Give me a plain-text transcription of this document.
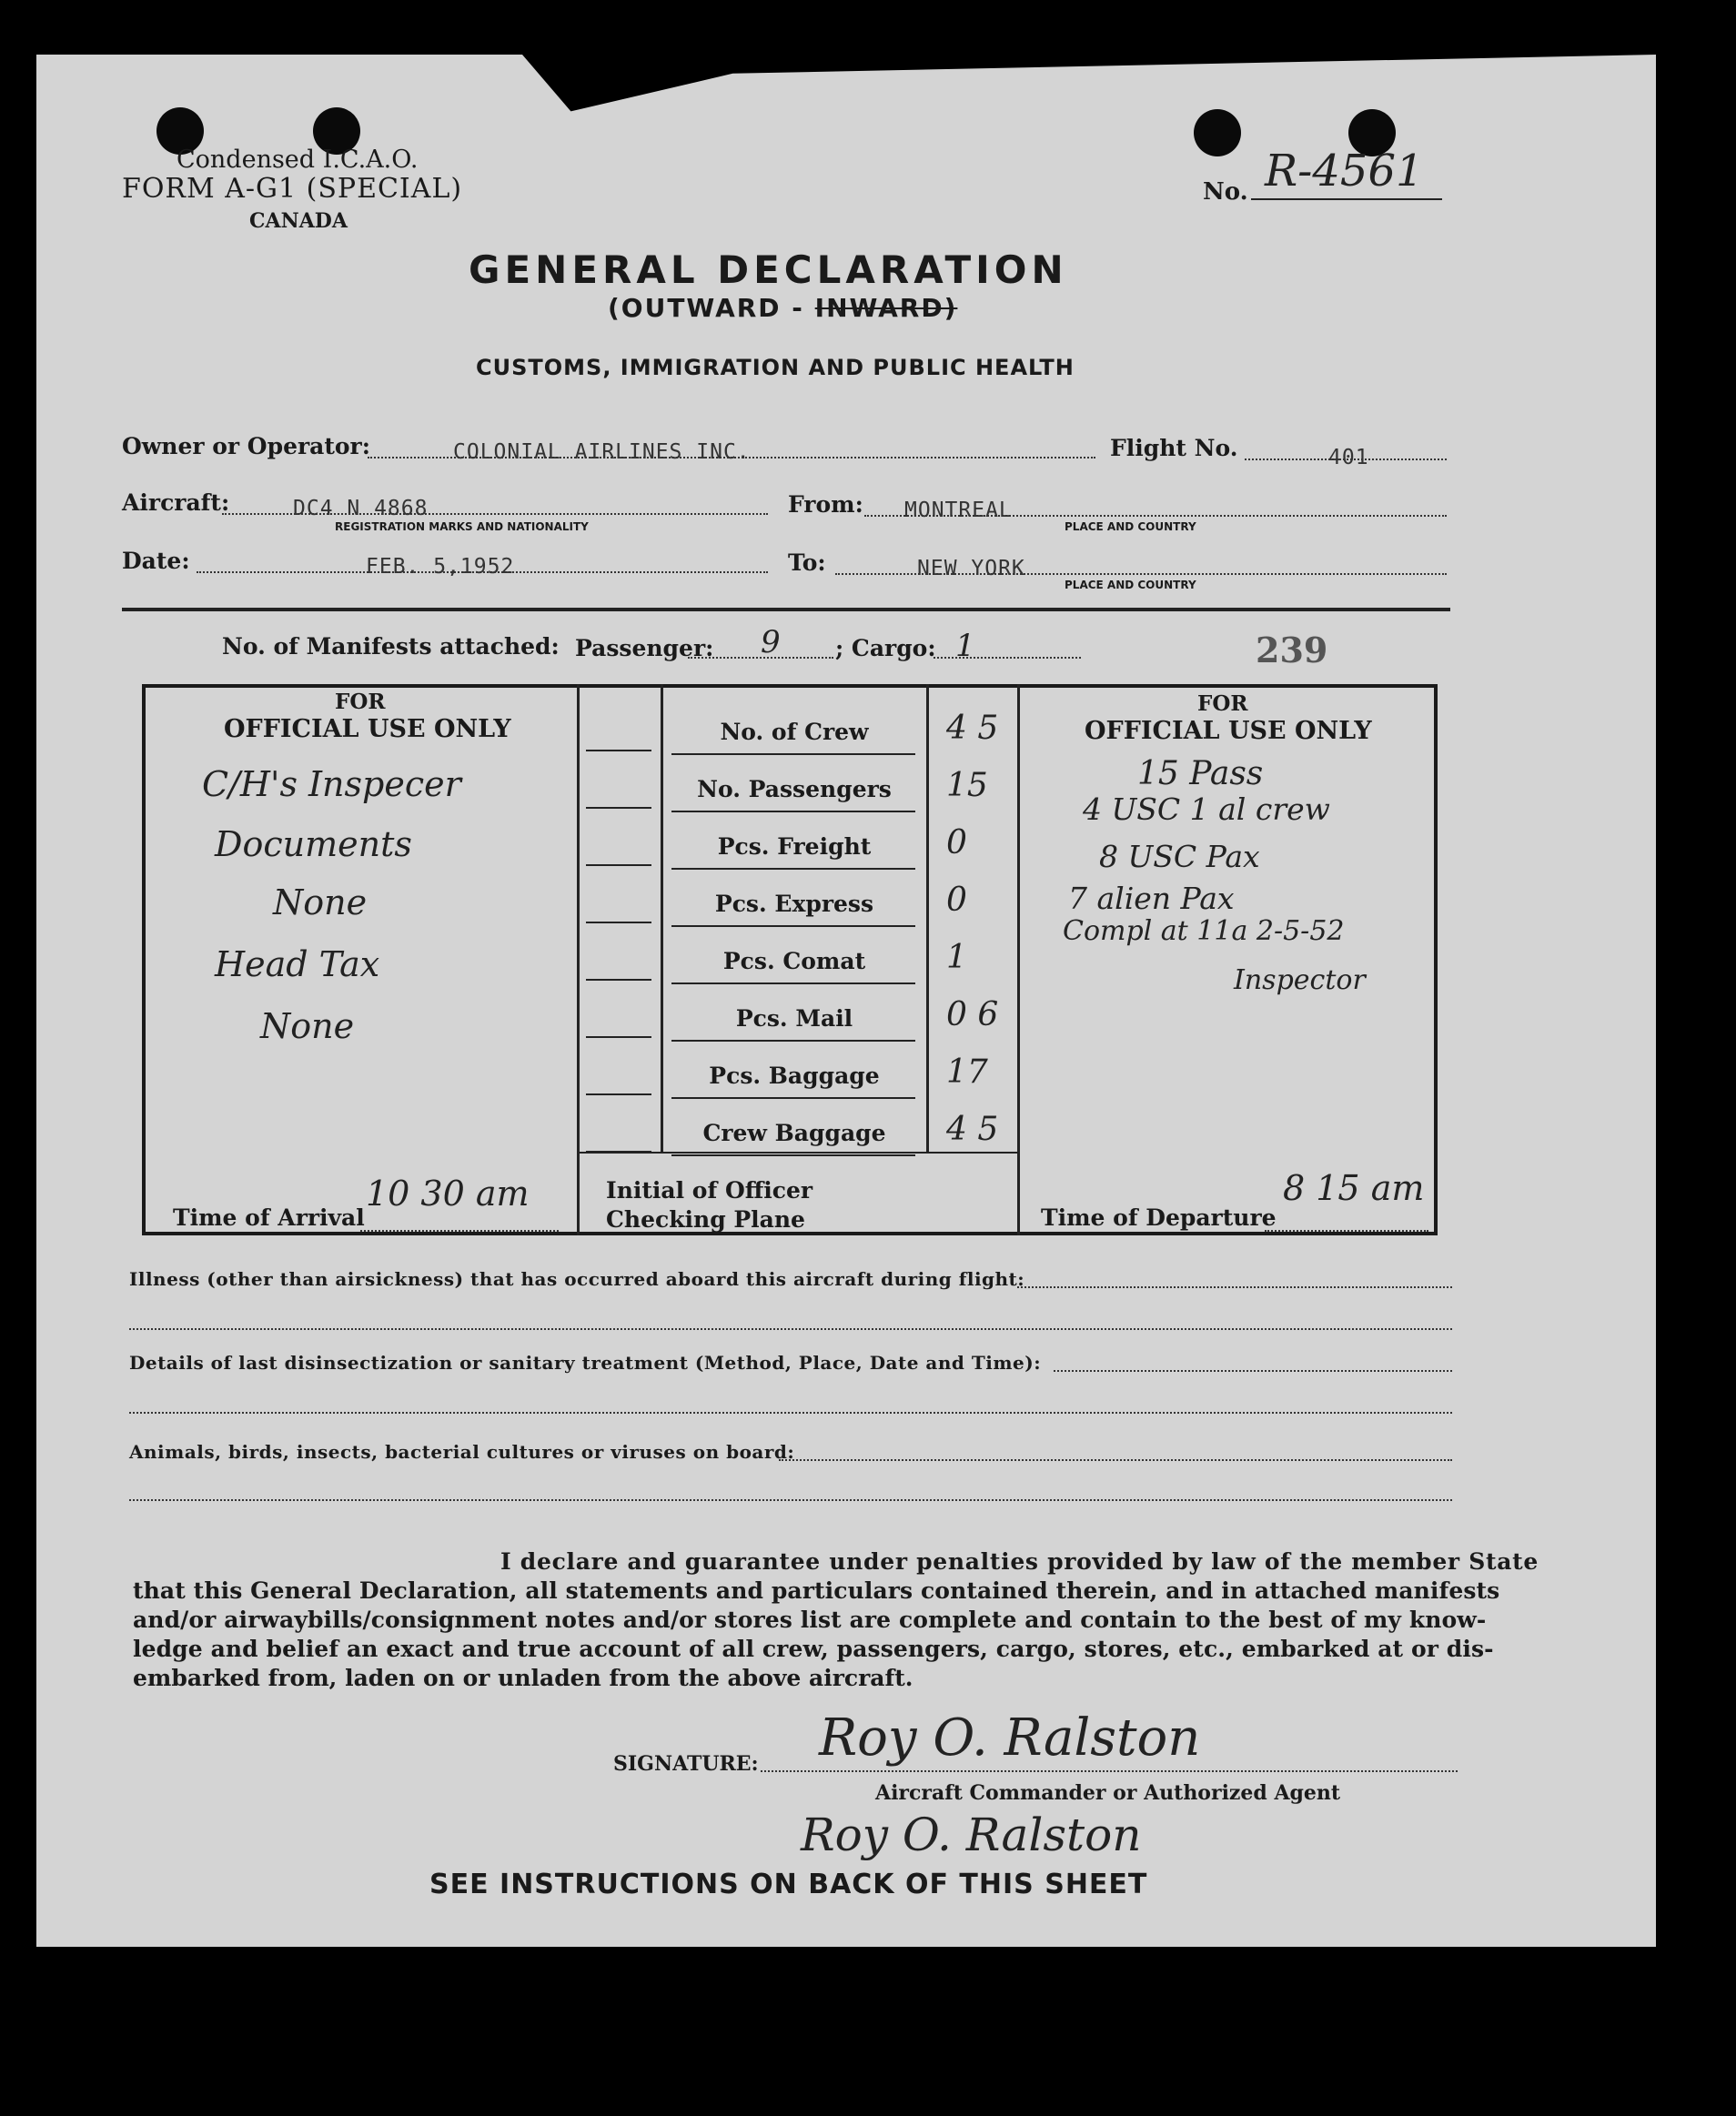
Condensed I.C.A.O.
FORM A-G1 (SPECIAL)
CANADA
No. R-4561
GENERAL DECLARATION
(OUTWARD - INWARD)
CUSTOMS, IMMIGRATION AND PUBLIC HEALTH
Owner or Operator:	COLONIAL AIRLINES INC.	Flight No.	401
Aircraft:	DC4 N 4868
REGISTRATION MARKS AND NATIONALITY
From: MONTREAL
PLACE AND COUNTRY
Date:	FEB. 5,1952	To:	NEW YORK
PLACE AND COUNTRY
No. of Manifests attached: Passenger: 9 ; Cargo: 1	239
FOR
OFFICIAL USE ONLY
FOR
OFFICIAL USE ONLY
No. of Crew	4 5
No. Passengers	15
Pcs. Freight	0
Pcs. Express	0
Pcs. Comat	1
Pcs. Mail	0 6
Pcs. Baggage	17
Crew Baggage	4 5
C/H's Inspecer
Documents
None
Head Tax
None
15 Pass
4 USC 1 al crew
8 USC Pax
7 alien Pax
Compl at 11a 2-5-52
Inspector
Time of Arrival
10 30 am	Initial of Officer
Checking Plane	Time of Departure
8 15 am
Illness (other than airsickness) that has occurred aboard this aircraft during flight:
Details of last disinsectization or sanitary treatment (Method, Place, Date and Time):
Animals, birds, insects, bacterial cultures or viruses on board:
I declare and guarantee under penalties provided by law of the member State
that this General Declaration, all statements and particulars contained therein, and in attached manifests
and/or airwaybills/consignment notes and/or stores list are complete and contain to the best of my know-
ledge and belief an exact and true account of all crew, passengers, cargo, stores, etc., embarked at or dis-
embarked from, laden on or unladen from the above aircraft.
SIGNATURE: Roy O. Ralston
Aircraft Commander or Authorized Agent
Roy O. Ralston
SEE INSTRUCTIONS ON BACK OF THIS SHEET
